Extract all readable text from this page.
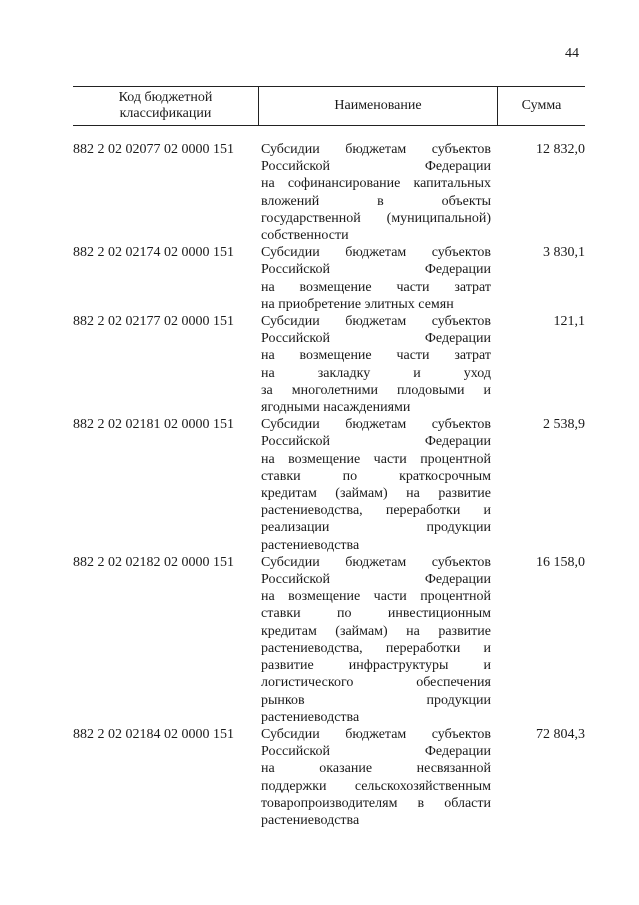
44
Код бюджетной классификации
Наименование	Сумма
882 2 02 02077 02 0000 151	Субсидии бюджетам субъектов
Российской Федерации
на софинансирование капитальных
вложений в объекты
государственной (муниципальной)
собственности
12 832,0
882 2 02 02174 02 0000 151	Субсидии бюджетам субъектов
Российской Федерации
на возмещение части затрат
на приобретение элитных семян
3 830,1
882 2 02 02177 02 0000 151	Субсидии бюджетам субъектов
Российской Федерации
на возмещение части затрат
на закладку и уход
за многолетними плодовыми и
ягодными насаждениями
121,1
882 2 02 02181 02 0000 151	Субсидии бюджетам субъектов
Российской Федерации
на возмещение части процентной
ставки по краткосрочным
кредитам (займам) на развитие
растениеводства, переработки и
реализации продукции
растениеводства
2 538,9
882 2 02 02182 02 0000 151	Субсидии бюджетам субъектов
Российской Федерации
на возмещение части процентной
ставки по инвестиционным
кредитам (займам) на развитие
растениеводства, переработки и
развитие инфраструктуры и
логистического обеспечения
рынков продукции
растениеводства
16 158,0
882 2 02 02184 02 0000 151	Субсидии бюджетам субъектов
Российской Федерации
на оказание несвязанной
поддержки сельскохозяйственным
товаропроизводителям в области
растениеводства
72 804,3
